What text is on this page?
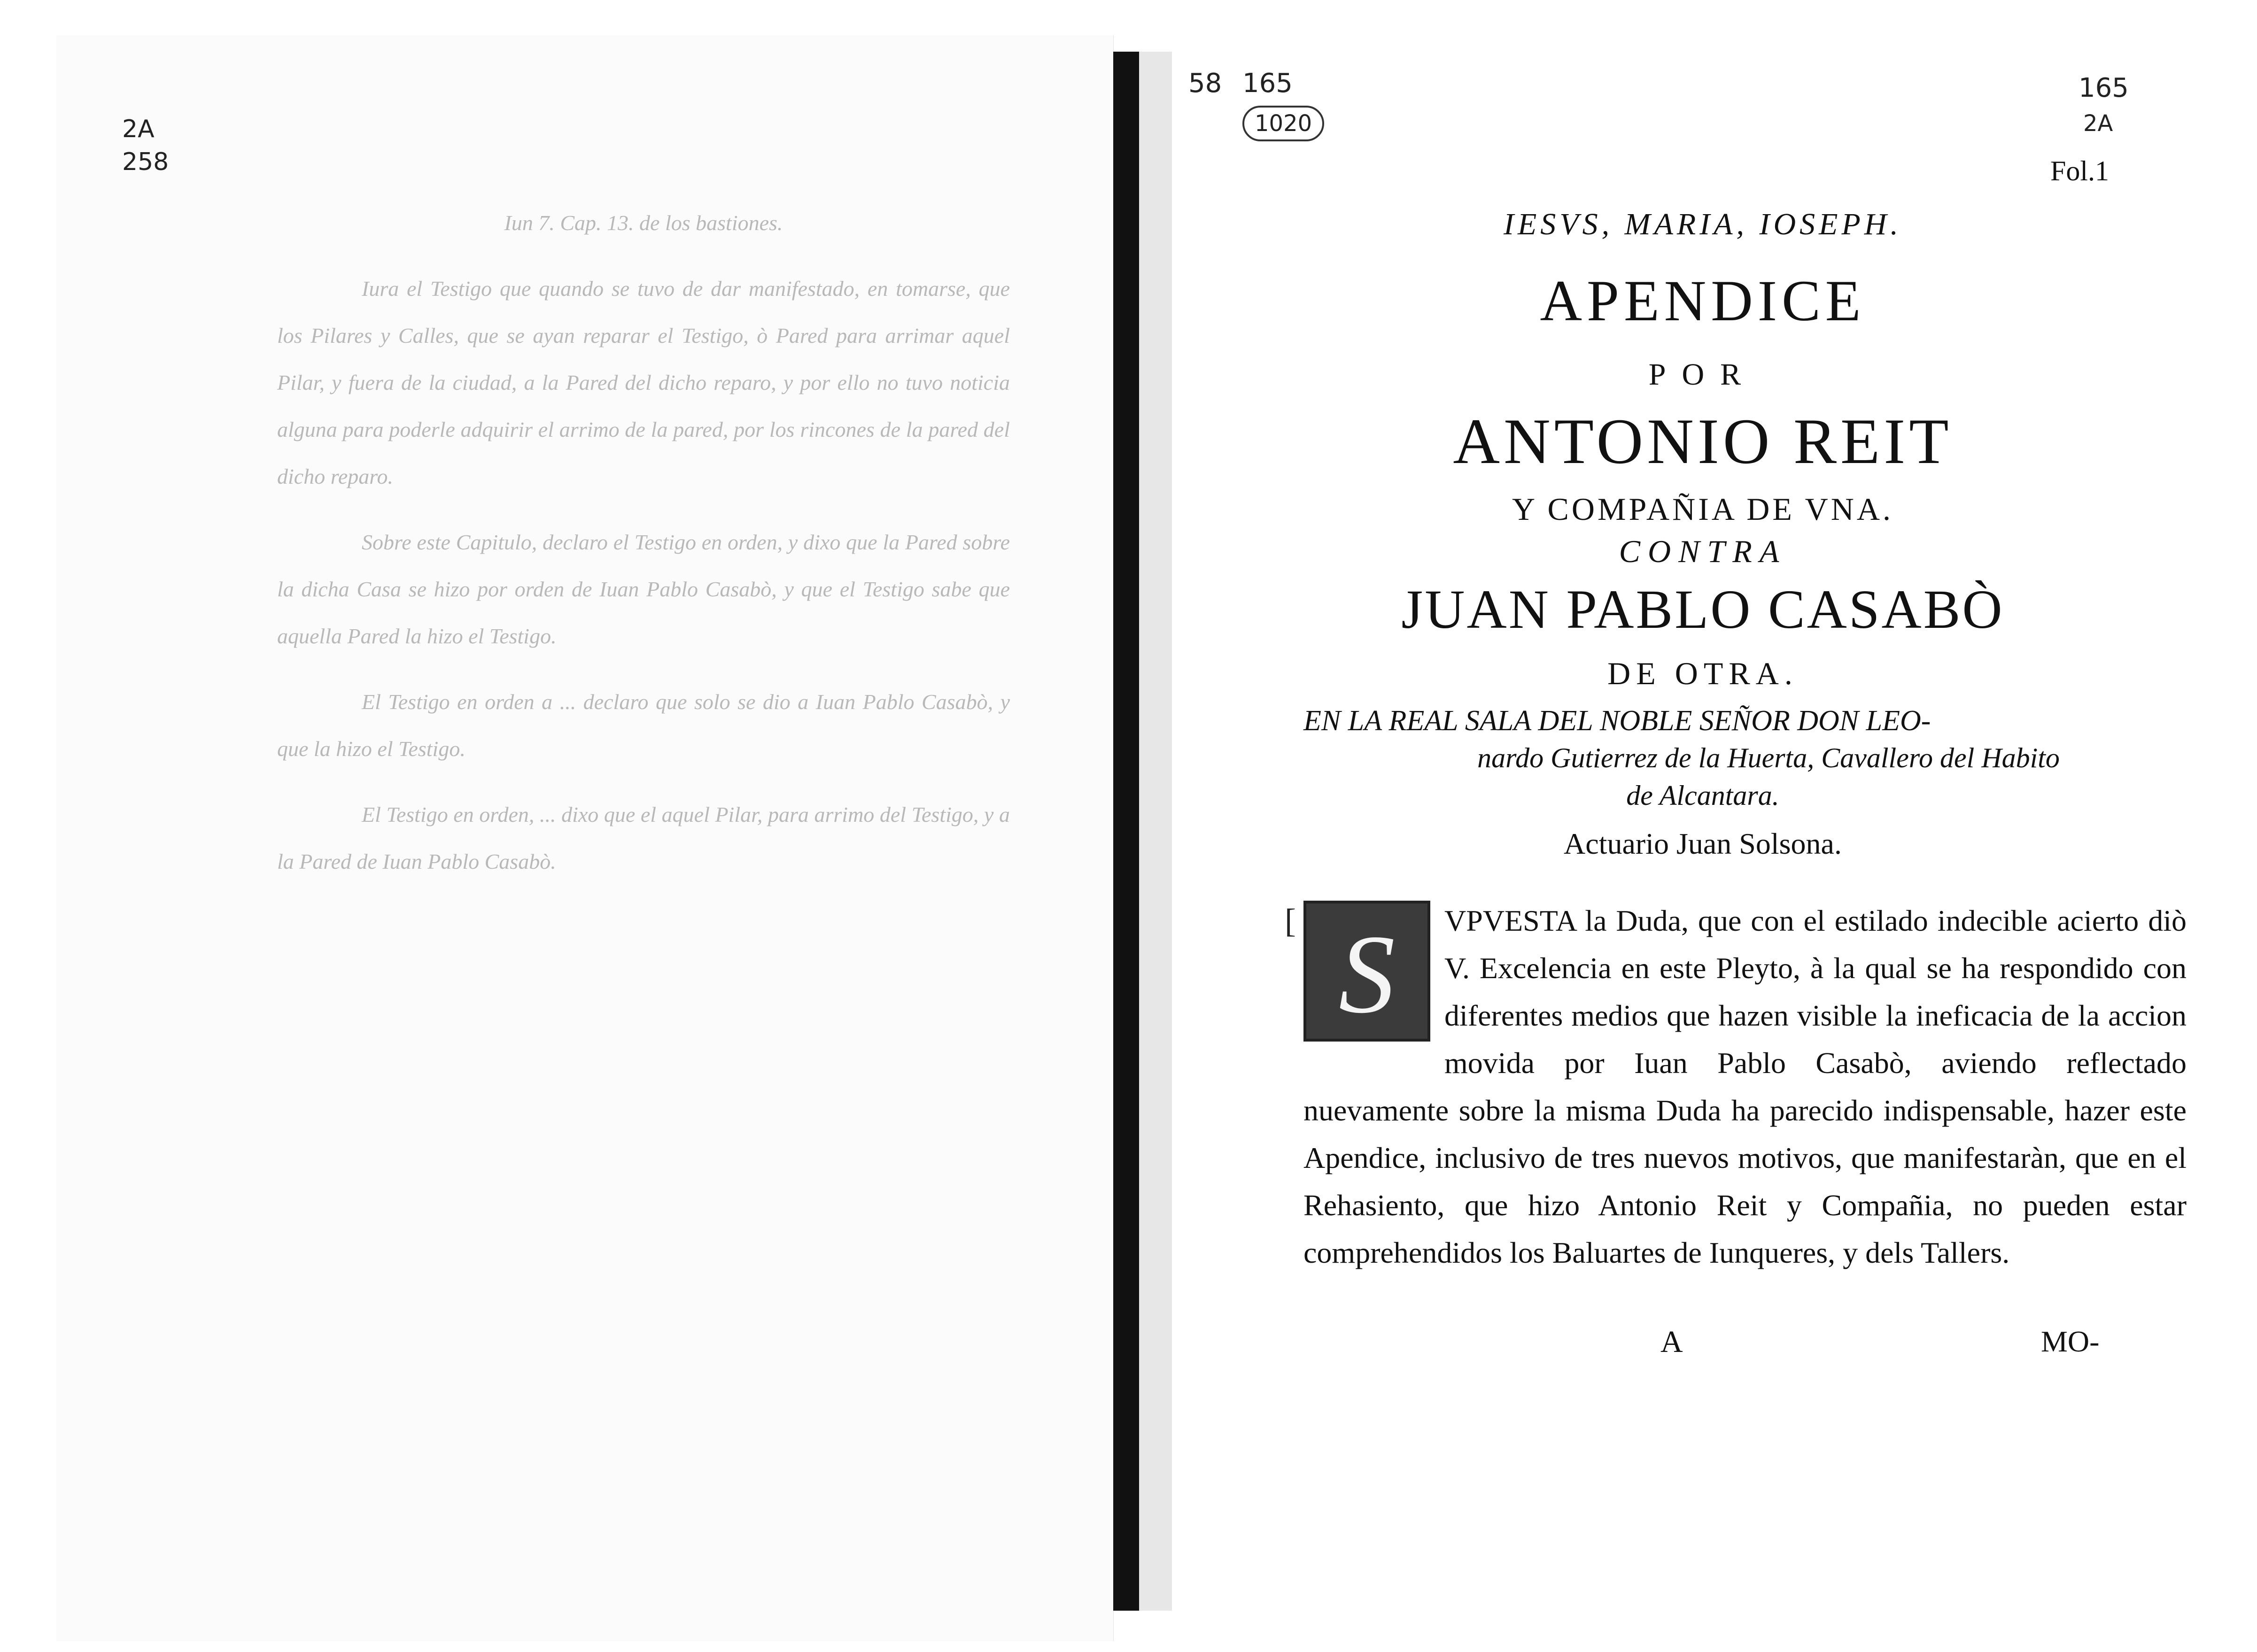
2A
258
Iun 7. Cap. 13. de los bastiones.
Iura el Testigo que quando se tuvo de dar manifestado, en tomarse, que los Pilares y Calles, que se ayan reparar el Testigo, ò Pared para arrimar aquel Pilar, y fuera de la ciudad, a la Pared del dicho reparo, y por ello no tuvo noticia alguna para poderle adquirir el arrimo de la pared, por los rincones de la pared del dicho reparo.
Sobre este Capitulo, declaro el Testigo en orden, y dixo que la Pared sobre la dicha Casa se hizo por orden de Iuan Pablo Casabò, y que el Testigo sabe que aquella Pared la hizo el Testigo.
El Testigo en orden a ... declaro que solo se dio a Iuan Pablo Casabò, y que la hizo el Testigo.
El Testigo en orden, ... dixo que el aquel Pilar, para arrimo del Testigo, y a la Pared de Iuan Pablo Casabò.
58 165
1020
165
2A
Fol.1
IESVS, MARIA, IOSEPH.
APENDICE
POR
ANTONIO REIT
Y COMPAÑIA DE VNA.
CONTRA
JUAN PABLO CASABÒ
DE OTRA.
EN LA REAL SALA DEL NOBLE SEÑOR DON LEO-
nardo Gutierrez de la Huerta, Cavallero del Habito
de Alcantara.
Actuario Juan Solsona.
[ S	VPVESTA la Duda, que con el estilado indecible acierto diò V. Excelencia en este Pleyto, à la qual se ha respondido con diferentes medios que hazen visible la ineficacia de la accion movida por Iuan Pablo Casabò, aviendo reflectado nuevamente sobre la misma Duda ha parecido indispensable, hazer este Apendice, inclusivo de tres nuevos motivos, que manifestaràn, que en el Rehasiento, que hizo Antonio Reit y Compañia, no pueden estar comprehendidos los Baluartes de Iunqueres, y dels Tallers.
A	MO-
